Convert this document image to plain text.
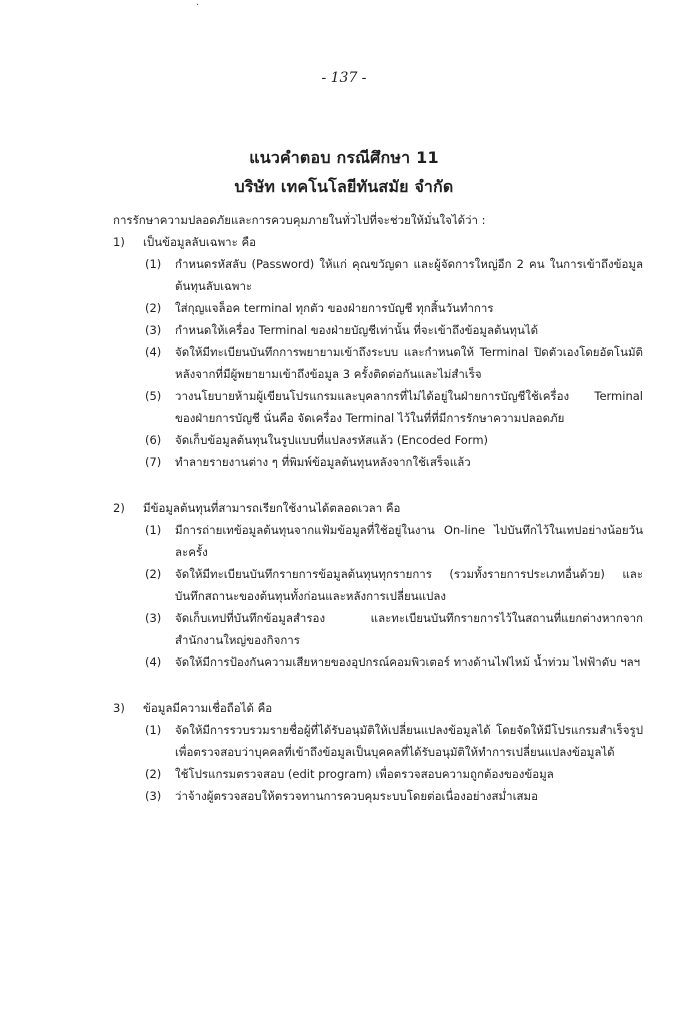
·
- 137 -
แนวคำตอบ กรณีศึกษา 11
บริษัท เทคโนโลยีทันสมัย จำกัด

การรักษาความปลอดภัยและการควบคุมภายในทั่วไปที่จะช่วยให้มั่นใจได้ว่า :

1) เป็นข้อมูลลับเฉพาะ คือ

(1) กำหนดรหัสลับ (Password) ให้แก่ คุณขวัญดา และผู้จัดการใหญ่อีก 2 คน ในการเข้าถึงข้อมูลต้นทุนลับเฉพาะ
(2) ใส่กุญแจล็อค terminal ทุกตัว ของฝ่ายการบัญชี ทุกสิ้นวันทำการ
(3) กำหนดให้เครื่อง Terminal ของฝ่ายบัญชีเท่านั้น ที่จะเข้าถึงข้อมูลต้นทุนได้
(4) จัดให้มีทะเบียนบันทึกการพยายามเข้าถึงระบบ และกำหนดให้ Terminal ปิดตัวเองโดยอัตโนมัติ หลังจากที่มีผู้พยายามเข้าถึงข้อมูล 3 ครั้งติดต่อกันและไม่สำเร็จ
(5) วางนโยบายห้ามผู้เขียนโปรแกรมและบุคลากรที่ไม่ได้อยู่ในฝ่ายการบัญชีใช้เครื่อง Terminal ของฝ่ายการบัญชี นั่นคือ จัดเครื่อง Terminal ไว้ในที่ที่มีการรักษาความปลอดภัย
(6) จัดเก็บข้อมูลต้นทุนในรูปแบบที่แปลงรหัสแล้ว (Encoded Form)
(7) ทำลายรายงานต่าง ๆ ที่พิมพ์ข้อมูลต้นทุนหลังจากใช้เสร็จแล้ว

2) มีข้อมูลต้นทุนที่สามารถเรียกใช้งานได้ตลอดเวลา คือ

(1) มีการถ่ายเทข้อมูลต้นทุนจากแฟ้มข้อมูลที่ใช้อยู่ในงาน On-line ไปบันทึกไว้ในเทปอย่างน้อยวันละครั้ง
(2) จัดให้มีทะเบียนบันทึกรายการข้อมูลต้นทุนทุกรายการ (รวมทั้งรายการประเภทอื่นด้วย) และบันทึกสถานะของต้นทุนทั้งก่อนและหลังการเปลี่ยนแปลง
(3) จัดเก็บเทปที่บันทึกข้อมูลสำรอง และทะเบียนบันทึกรายการไว้ในสถานที่แยกต่างหากจากสำนักงานใหญ่ของกิจการ
(4) จัดให้มีการป้องกันความเสียหายของอุปกรณ์คอมพิวเตอร์ ทางด้านไฟไหม้ น้ำท่วม ไฟฟ้าดับ ฯลฯ

3) ข้อมูลมีความเชื่อถือได้ คือ

(1) จัดให้มีการรวบรวมรายชื่อผู้ที่ได้รับอนุมัติให้เปลี่ยนแปลงข้อมูลได้ โดยจัดให้มีโปรแกรมสำเร็จรูปเพื่อตรวจสอบว่าบุคคลที่เข้าถึงข้อมูลเป็นบุคคลที่ได้รับอนุมัติให้ทำการเปลี่ยนแปลงข้อมูลได้
(2) ใช้โปรแกรมตรวจสอบ (edit program) เพื่อตรวจสอบความถูกต้องของข้อมูล
(3) ว่าจ้างผู้ตรวจสอบให้ตรวจทานการควบคุมระบบโดยต่อเนื่องอย่างสม่ำเสมอ
